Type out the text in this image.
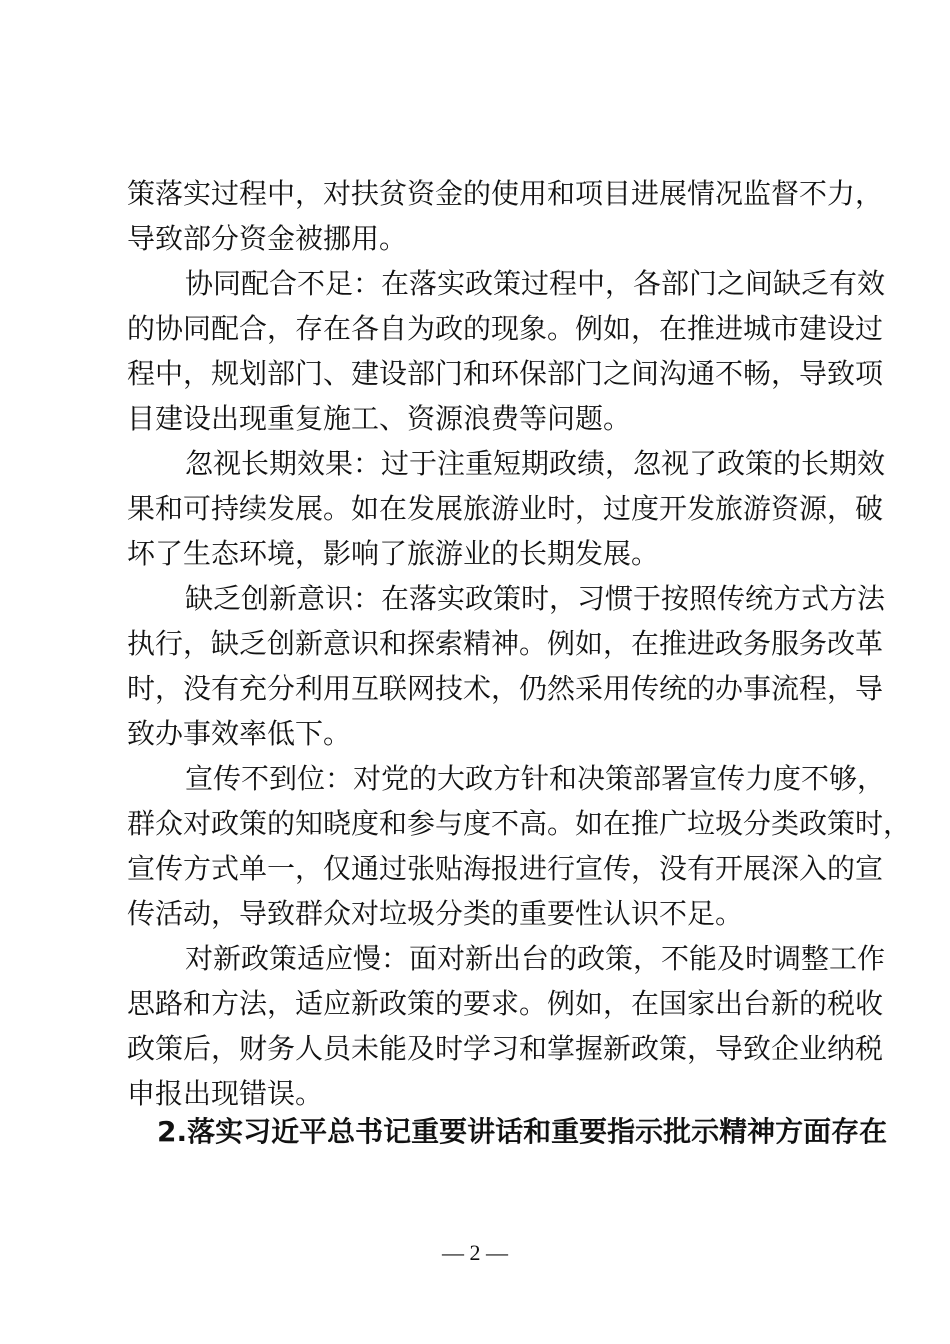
策落实过程中，对扶贫资金的使用和项目进展情况监督不力，
导致部分资金被挪用。
协同配合不足：在落实政策过程中，各部门之间缺乏有效
的协同配合，存在各自为政的现象。例如，在推进城市建设过
程中，规划部门、建设部门和环保部门之间沟通不畅，导致项
目建设出现重复施工、资源浪费等问题。
忽视长期效果：过于注重短期政绩，忽视了政策的长期效
果和可持续发展。如在发展旅游业时，过度开发旅游资源，破
坏了生态环境，影响了旅游业的长期发展。
缺乏创新意识：在落实政策时，习惯于按照传统方式方法
执行，缺乏创新意识和探索精神。例如，在推进政务服务改革
时，没有充分利用互联网技术，仍然采用传统的办事流程，导
致办事效率低下。
宣传不到位：对党的大政方针和决策部署宣传力度不够，
群众对政策的知晓度和参与度不高。如在推广垃圾分类政策时，
宣传方式单一，仅通过张贴海报进行宣传，没有开展深入的宣
传活动，导致群众对垃圾分类的重要性认识不足。
对新政策适应慢：面对新出台的政策，不能及时调整工作
思路和方法，适应新政策的要求。例如，在国家出台新的税收
政策后，财务人员未能及时学习和掌握新政策，导致企业纳税
申报出现错误。
2.落实习近平总书记重要讲话和重要指示批示精神方面存在
— 2 —
